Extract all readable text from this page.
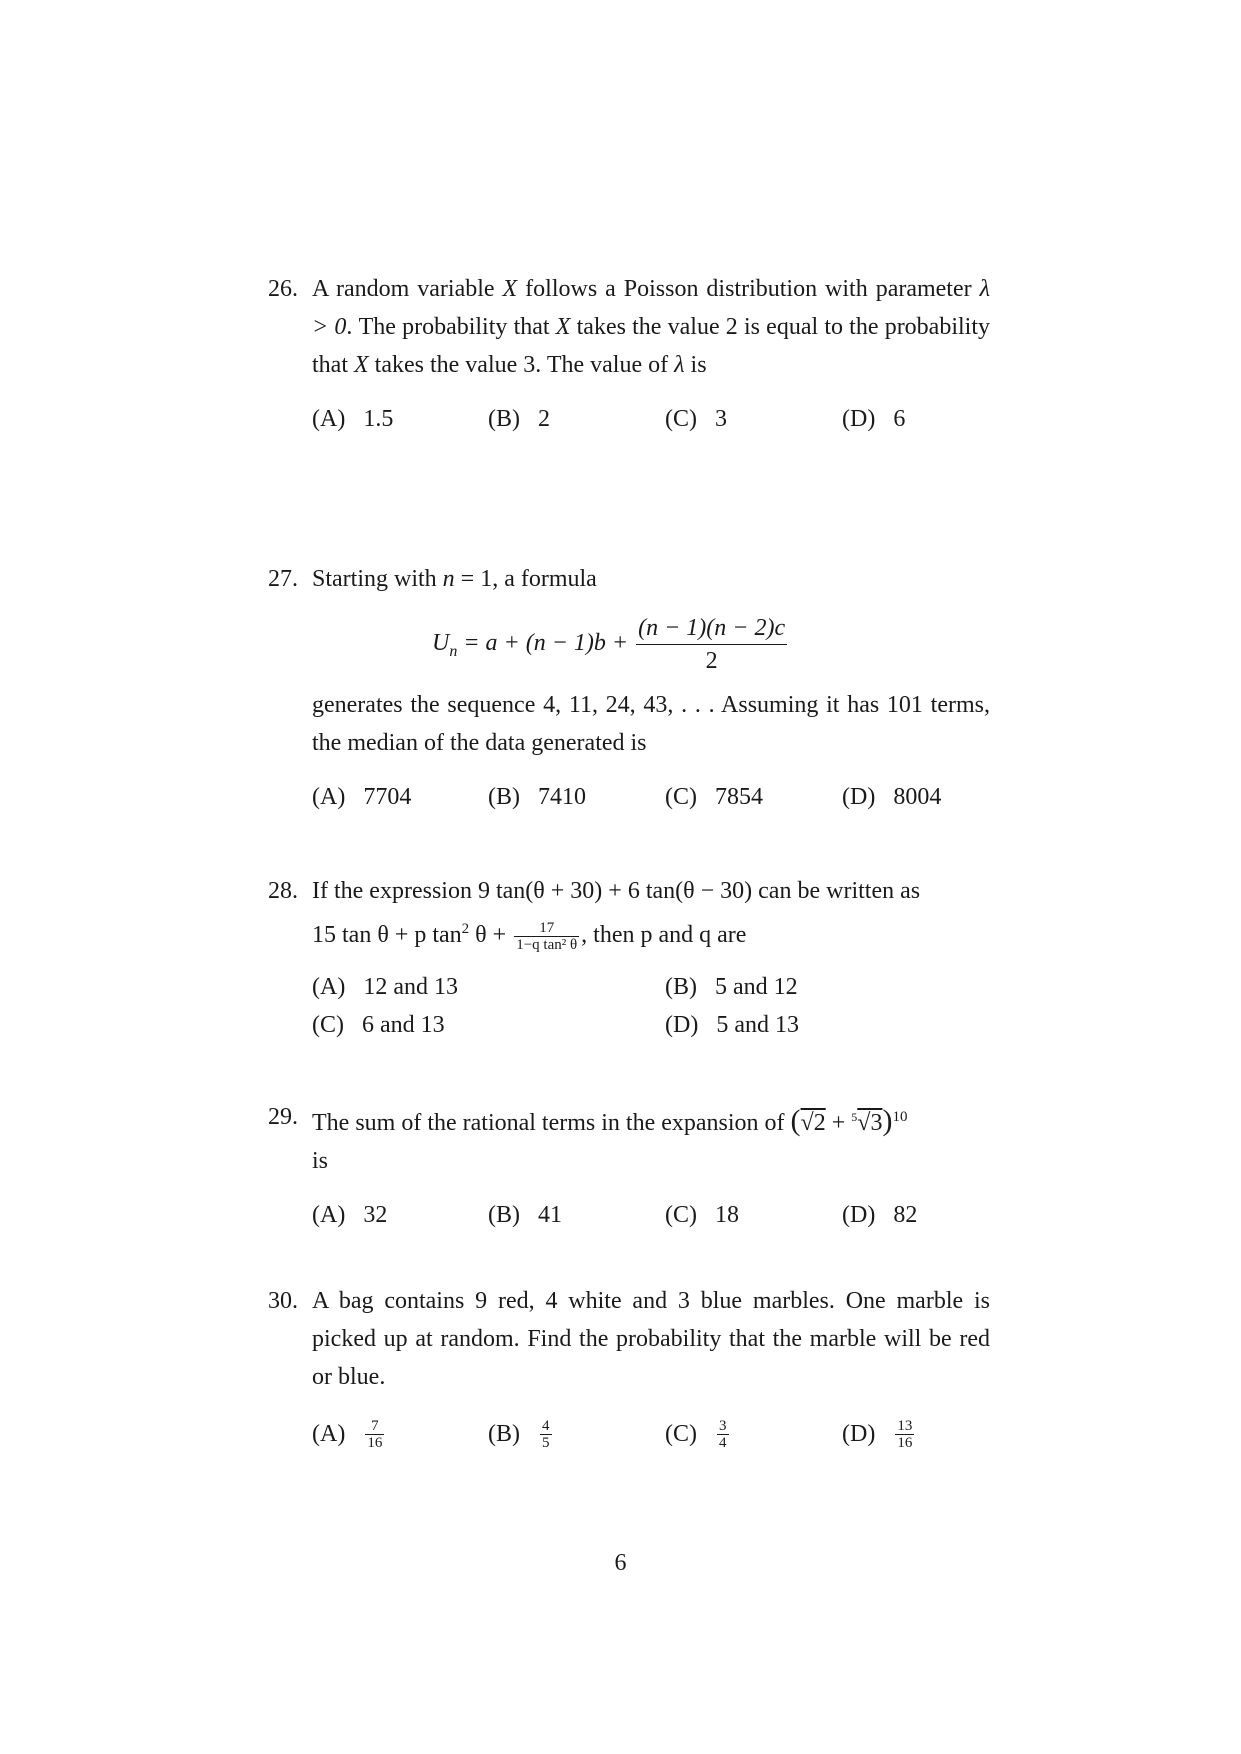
26. A random variable X follows a Poisson distribution with parameter λ > 0. The probability that X takes the value 2 is equal to the probability that X takes the value 3. The value of λ is
(A) 1.5	(B) 2	(C) 3	(D) 6
27. Starting with n = 1, a formula
$U_n = a + (n - 1)b + \frac{(n - 1)(n - 2)c}{2}$
generates the sequence 4, 11, 24, 43, . . . Assuming it has 101 terms, the median of the data generated is
(A) 7704	(B) 7410	(C) 7854	(D) 8004
28. If the expression 9 tan(θ + 30) + 6 tan(θ − 30) can be written as
15 tan θ + p $\tan^2 \theta + \frac{17}{\text{1−q tan² θ}}$ , then p and q are
(A) 12 and 13	(B) 5 and 12
(C) 6 and 13	(D) 5 and 13
29. The sum of the rational terms in the expansion of $(√2 + ^5√3)^{10}$
is
(A) 32	(B) 41	(C) 18	(D) 82
30. A bag contains 9 red, 4 white and 3 blue marbles. One marble is picked up at random. Find the probability that the marble will be red or blue.
$(A) \frac{7}{16}$	$(B) \frac{4}{5}$	$(C) \frac{3}{4}$	$(D) \frac{13}{16}$
6
